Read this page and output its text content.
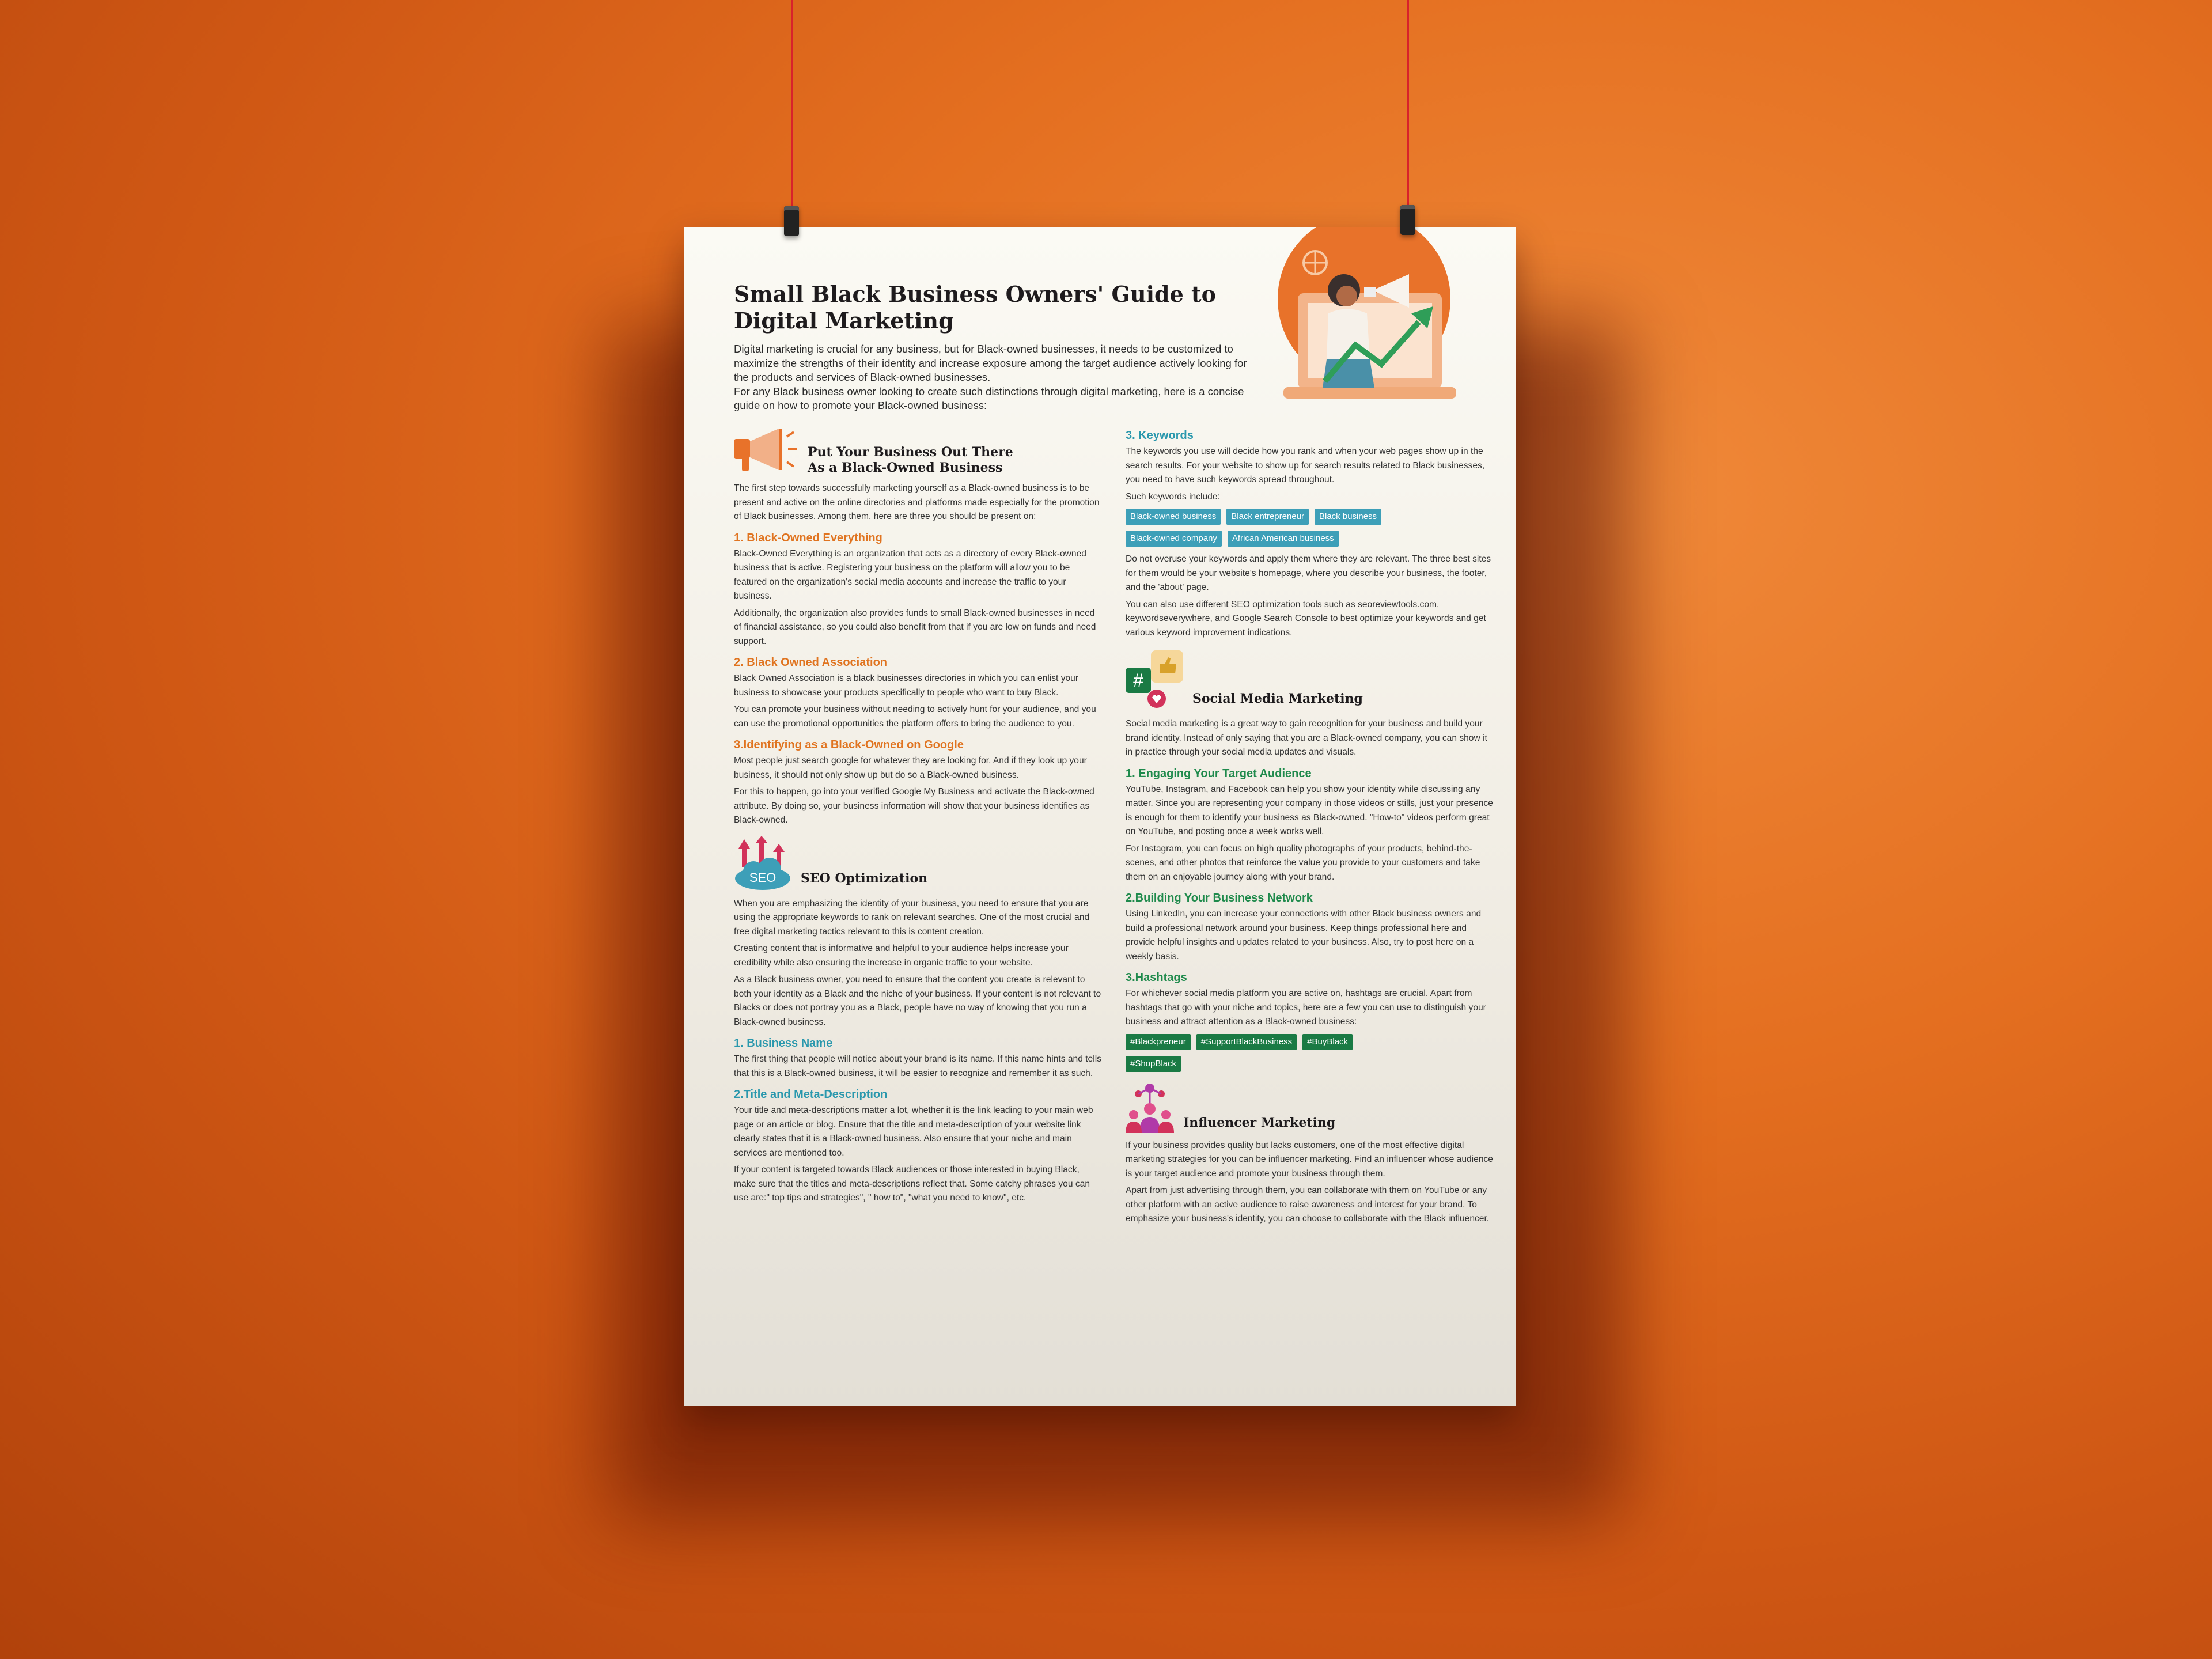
Small Black Business Owners' Guide to Digital Marketing

Digital marketing is crucial for any business, but for Black-owned businesses, it needs to be customized to maximize the strengths of their identity and increase exposure among the target audience actively looking for the products and services of Black-owned businesses.

For any Black business owner looking to create such distinctions through digital marketing, here is a concise guide on how to promote your Black-owned business:

Put Your Business Out There
As a Black-Owned Business

The first step towards successfully marketing yourself as a Black-owned business is to be present and active on the online directories and platforms made especially for the promotion of Black businesses. Among them, here are three you should be present on:

1. Black-Owned Everything

Black-Owned Everything is an organization that acts as a directory of every Black-owned business that is active. Registering your business on the platform will allow you to be featured on the organization's social media accounts and increase the traffic to your business.

Additionally, the organization also provides funds to small Black-owned businesses in need of financial assistance, so you could also benefit from that if you are low on funds and need support.

2. Black Owned Association

Black Owned Association is a black businesses directories in which you can enlist your business to showcase your products specifically to people who want to buy Black.

You can promote your business without needing to actively hunt for your audience, and you can use the promotional opportunities the platform offers to bring the audience to you.

3.Identifying as a Black-Owned on Google

Most people just search google for whatever they are looking for. And if they look up your business, it should not only show up but do so a Black-owned business.

For this to happen, go into your verified Google My Business and activate the Black-owned attribute. By doing so, your business information will show that your business identifies as Black-owned.

SEO SEO Optimization

When you are emphasizing the identity of your business, you need to ensure that you are using the appropriate keywords to rank on relevant searches. One of the most crucial and free digital marketing tactics relevant to this is content creation.

Creating content that is informative and helpful to your audience helps increase your credibility while also ensuring the increase in organic traffic to your website.

As a Black business owner, you need to ensure that the content you create is relevant to both your identity as a Black and the niche of your business. If your content is not relevant to Blacks or does not portray you as a Black, people have no way of knowing that you run a Black-owned business.

1. Business Name

The first thing that people will notice about your brand is its name. If this name hints and tells that this is a Black-owned business, it will be easier to recognize and remember it as such.

2.Title and Meta-Description

Your title and meta-descriptions matter a lot, whether it is the link leading to your main web page or an article or blog. Ensure that the title and meta-description of your website link clearly states that it is a Black-owned business. Also ensure that your niche and main services are mentioned too.

If your content is targeted towards Black audiences or those interested in buying Black, make sure that the titles and meta-descriptions reflect that. Some catchy phrases you can use are:" top tips and strategies", " how to", "what you need to know", etc.

3. Keywords

The keywords you use will decide how you rank and when your web pages show up in the search results. For your website to show up for search results related to Black businesses, you need to have such keywords spread throughout.

Such keywords include:

Black-owned business	Black entrepreneur	Black business
Black-owned company	African American business

Do not overuse your keywords and apply them where they are relevant. The three best sites for them would be your website's homepage, where you describe your business, the footer, and the 'about' page.

You can also use different SEO optimization tools such as seoreviewtools.com, keywordseverywhere, and Google Search Console to best optimize your keywords and get various keyword improvement indications.

#
Social Media Marketing

Social media marketing is a great way to gain recognition for your business and build your brand identity. Instead of only saying that you are a Black-owned company, you can show it in practice through your social media updates and visuals.

1. Engaging Your Target Audience

YouTube, Instagram, and Facebook can help you show your identity while discussing any matter. Since you are representing your company in those videos or stills, just your presence is enough for them to identify your business as Black-owned. "How-to" videos perform great on YouTube, and posting once a week works well.

For Instagram, you can focus on high quality photographs of your products, behind-the-scenes, and other photos that reinforce the value you provide to your customers and take them on an enjoyable journey along with your brand.

2.Building Your Business Network

Using LinkedIn, you can increase your connections with other Black business owners and build a professional network around your business. Keep things professional here and provide helpful insights and updates related to your business. Also, try to post here on a weekly basis.

3.Hashtags

For whichever social media platform you are active on, hashtags are crucial. Apart from hashtags that go with your niche and topics, here are a few you can use to distinguish your business and attract attention as a Black-owned business:

#Blackpreneur	#SupportBlackBusiness	#BuyBlack
#ShopBlack
Influencer Marketing

If your business provides quality but lacks customers, one of the most effective digital marketing strategies for you can be influencer marketing. Find an influencer whose audience is your target audience and promote your business through them.

Apart from just advertising through them, you can collaborate with them on YouTube or any other platform with an active audience to raise awareness and interest for your brand. To emphasize your business's identity, you can choose to collaborate with the Black influencer.
